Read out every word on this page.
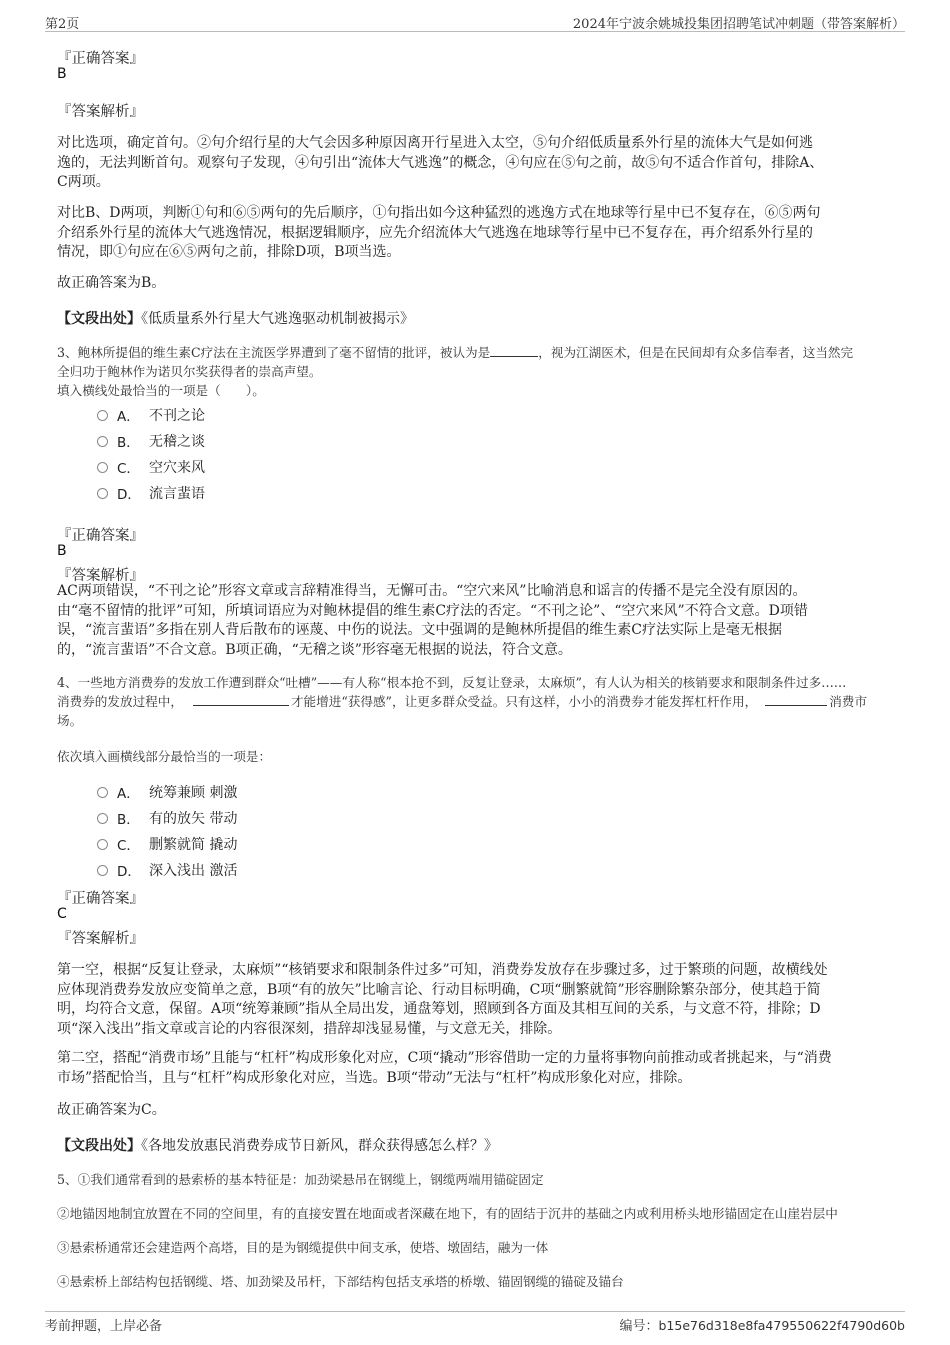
第2页	2024年宁波余姚城投集团招聘笔试冲刺题（带答案解析）
『正确答案』
B
『答案解析』
对比选项，确定首句。②句介绍行星的大气会因多种原因离开行星进入太空，⑤句介绍低质量系外行星的流体大气是如何逃
逸的，无法判断首句。观察句子发现，④句引出“流体大气逃逸”的概念，④句应在⑤句之前，故⑤句不适合作首句，排除A、
C两项。
对比B、D两项，判断①句和⑥⑤两句的先后顺序，①句指出如今这种猛烈的逃逸方式在地球等行星中已不复存在，⑥⑤两句
介绍系外行星的流体大气逃逸情况，根据逻辑顺序，应先介绍流体大气逃逸在地球等行星中已不复存在，再介绍系外行星的
情况，即①句应在⑥⑤两句之前，排除D项，B项当选。
故正确答案为B。
【文段出处】《低质量系外行星大气逃逸驱动机制被揭示》
3、鲍林所提倡的维生素C疗法在主流医学界遭到了毫不留情的批评，被认为是	，视为江湖医术，但是在民间却有众多信奉者，这当然完
全归功于鲍林作为诺贝尔奖获得者的崇高声望。
填入横线处最恰当的一项是（　　）。
A． 不刊之论
B． 无稽之谈
C． 空穴来风
D． 流言蜚语
『正确答案』
B
『答案解析』
AC两项错误，“不刊之论”形容文章或言辞精准得当，无懈可击。“空穴来风”比喻消息和谣言的传播不是完全没有原因的。
由“毫不留情的批评”可知，所填词语应为对鲍林提倡的维生素C疗法的否定。“不刊之论”、“空穴来风”不符合文意。D项错
误，“流言蜚语”多指在别人背后散布的诬蔑、中伤的说法。文中强调的是鲍林所提倡的维生素C疗法实际上是毫无根据
的，“流言蜚语”不合文意。B项正确，“无稽之谈”形容毫无根据的说法，符合文意。
4、一些地方消费券的发放工作遭到群众“吐槽”——有人称“根本抢不到，反复让登录，太麻烦”，有人认为相关的核销要求和限制条件过多……
消费券的发放过程中，	才能增进“获得感”，让更多群众受益。只有这样，小小的消费券才能发挥杠杆作用，	消费市
场。
依次填入画横线部分最恰当的一项是：
A． 统筹兼顾 刺激
B． 有的放矢 带动
C． 删繁就简 撬动
D． 深入浅出 激活
『正确答案』
C
『答案解析』
第一空，根据“反复让登录，太麻烦”“核销要求和限制条件过多”可知，消费券发放存在步骤过多，过于繁琐的问题，故横线处
应体现消费券发放应变简单之意，B项“有的放矢”比喻言论、行动目标明确，C项“删繁就简”形容删除繁杂部分，使其趋于简
明，均符合文意，保留。A项“统筹兼顾”指从全局出发，通盘筹划，照顾到各方面及其相互间的关系，与文意不符，排除；D
项“深入浅出”指文章或言论的内容很深刻，措辞却浅显易懂，与文意无关，排除。
第二空，搭配“消费市场”且能与“杠杆”构成形象化对应，C项“撬动”形容借助一定的力量将事物向前推动或者挑起来，与“消费
市场”搭配恰当，且与“杠杆”构成形象化对应，当选。B项“带动”无法与“杠杆”构成形象化对应，排除。
故正确答案为C。
【文段出处】《各地发放惠民消费券成节日新风，群众获得感怎么样？》
5、①我们通常看到的悬索桥的基本特征是：加劲梁悬吊在钢缆上，钢缆两端用锚碇固定
②地锚因地制宜放置在不同的空间里，有的直接安置在地面或者深藏在地下，有的固结于沉井的基础之内或利用桥头地形锚固定在山崖岩层中
③悬索桥通常还会建造两个高塔，目的是为钢缆提供中间支承，使塔、墩固结，融为一体
④悬索桥上部结构包括钢缆、塔、加劲梁及吊杆，下部结构包括支承塔的桥墩、锚固钢缆的锚碇及锚台
考前押题，上岸必备	编号：b15e76d318e8fa479550622f4790d60b
